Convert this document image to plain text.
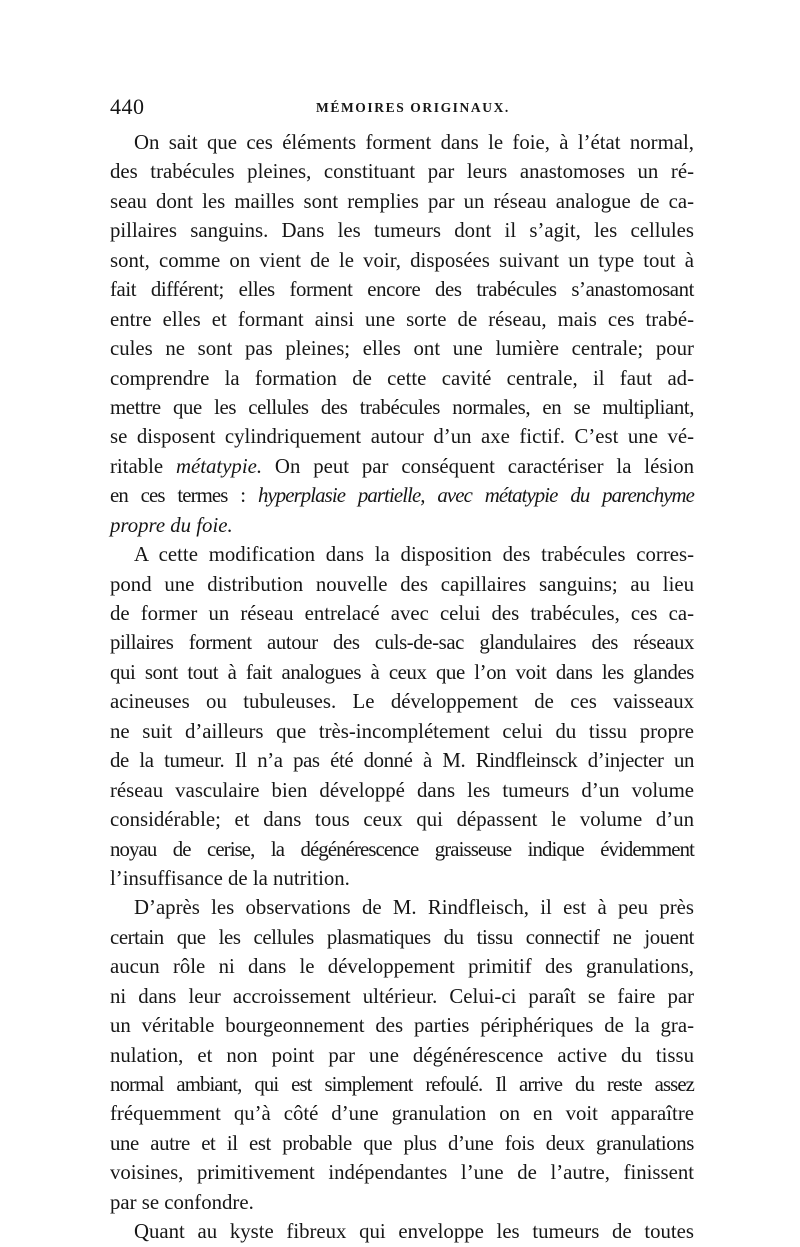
440	MÉMOIRES ORIGINAUX.
On sait que ces éléments forment dans le foie, à l’état normal,
des trabécules pleines, constituant par leurs anastomoses un ré-
seau dont les mailles sont remplies par un réseau analogue de ca-
pillaires sanguins. Dans les tumeurs dont il s’agit, les cellules
sont, comme on vient de le voir, disposées suivant un type tout à
fait différent; elles forment encore des trabécules s’anastomosant
entre elles et formant ainsi une sorte de réseau, mais ces trabé-
cules ne sont pas pleines; elles ont une lumière centrale; pour
comprendre la formation de cette cavité centrale, il faut ad-
mettre que les cellules des trabécules normales, en se multipliant,
se disposent cylindriquement autour d’un axe fictif. C’est une vé-
ritable métatypie. On peut par conséquent caractériser la lésion
en ces termes : hyperplasie partielle, avec métatypie du parenchyme
propre du foie.
A cette modification dans la disposition des trabécules corres-
pond une distribution nouvelle des capillaires sanguins; au lieu
de former un réseau entrelacé avec celui des trabécules, ces ca-
pillaires forment autour des culs-de-sac glandulaires des réseaux
qui sont tout à fait analogues à ceux que l’on voit dans les glandes
acineuses ou tubuleuses. Le développement de ces vaisseaux
ne suit d’ailleurs que très-incomplétement celui du tissu propre
de la tumeur. Il n’a pas été donné à M. Rindfleinsck d’injecter un
réseau vasculaire bien développé dans les tumeurs d’un volume
considérable; et dans tous ceux qui dépassent le volume d’un
noyau de cerise, la dégénérescence graisseuse indique évidemment
l’insuffisance de la nutrition.
D’après les observations de M. Rindfleisch, il est à peu près
certain que les cellules plasmatiques du tissu connectif ne jouent
aucun rôle ni dans le développement primitif des granulations,
ni dans leur accroissement ultérieur. Celui-ci paraît se faire par
un véritable bourgeonnement des parties périphériques de la gra-
nulation, et non point par une dégénérescence active du tissu
normal ambiant, qui est simplement refoulé. Il arrive du reste assez
fréquemment qu’à côté d’une granulation on en voit apparaître
une autre et il est probable que plus d’une fois deux granulations
voisines, primitivement indépendantes l’une de l’autre, finissent
par se confondre.
Quant au kyste fibreux qui enveloppe les tumeurs de toutes
